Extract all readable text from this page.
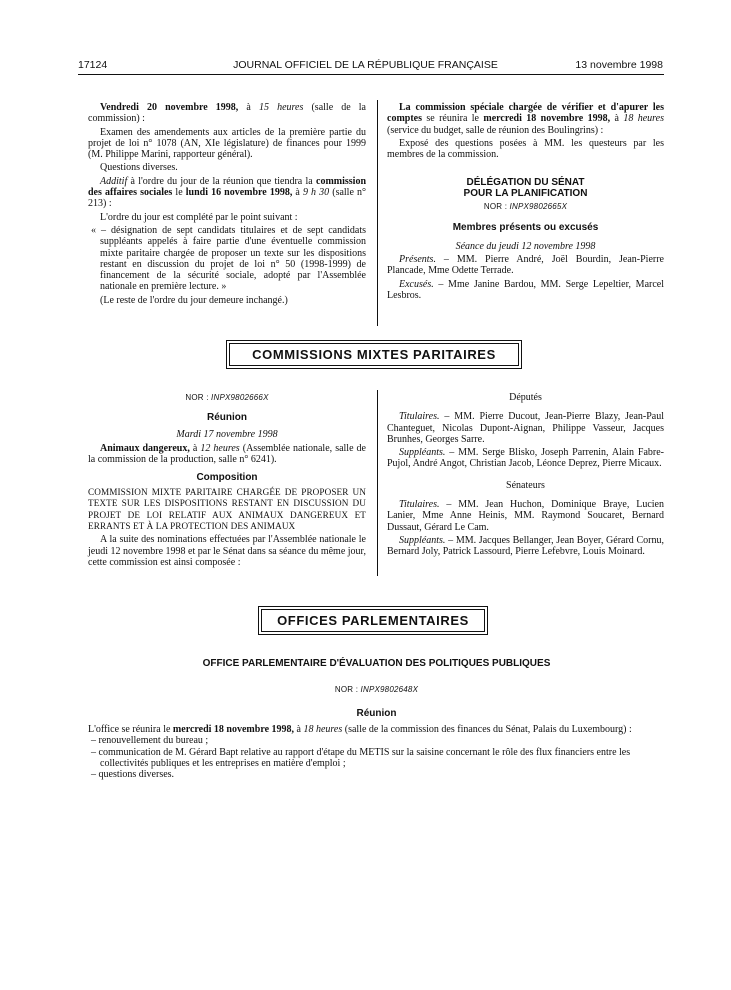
17124	JOURNAL OFFICIEL DE LA RÉPUBLIQUE FRANÇAISE	13 novembre 1998

Vendredi 20 novembre 1998, à 15 heures (salle de la commission) :

Examen des amendements aux articles de la première partie du projet de loi n° 1078 (AN, XIe législature) de finances pour 1999 (M. Philippe Marini, rapporteur général).

Questions diverses.

Additif à l'ordre du jour de la réunion que tiendra la commission des affaires sociales le lundi 16 novembre 1998, à 9 h 30 (salle n° 213) :

L'ordre du jour est complété par le point suivant :

« – désignation de sept candidats titulaires et de sept candidats suppléants appelés à faire partie d'une éventuelle commission mixte paritaire chargée de proposer un texte sur les dispositions restant en discussion du projet de loi n° 50 (1998-1999) de financement de la sécurité sociale, adopté par l'Assemblée nationale en première lecture. »

(Le reste de l'ordre du jour demeure inchangé.)

La commission spéciale chargée de vérifier et d'apurer les comptes se réunira le mercredi 18 novembre 1998, à 18 heures (service du budget, salle de réunion des Boulingrins) :

Exposé des questions posées à MM. les questeurs par les membres de la commission.

DÉLÉGATION DU SÉNAT
POUR LA PLANIFICATION
NOR : INPX9802665X
Membres présents ou excusés

Séance du jeudi 12 novembre 1998

Présents. – MM. Pierre André, Joël Bourdin, Jean-Pierre Plancade, Mme Odette Terrade.

Excusés. – Mme Janine Bardou, MM. Serge Lepeltier, Marcel Lesbros.

COMMISSIONS MIXTES PARITAIRES
NOR : INPX9802666X
Réunion

Mardi 17 novembre 1998

Animaux dangereux, à 12 heures (Assemblée nationale, salle de la commission de la production, salle n° 6241).

Composition

COMMISSION MIXTE PARITAIRE CHARGÉE DE PROPOSER UN TEXTE SUR LES DISPOSITIONS RESTANT EN DISCUSSION DU PROJET DE LOI RELATIF AUX ANIMAUX DANGEREUX ET ERRANTS ET À LA PROTECTION DES ANIMAUX

A la suite des nominations effectuées par l'Assemblée nationale le jeudi 12 novembre 1998 et par le Sénat dans sa séance du même jour, cette commission est ainsi composée :

Députés

Titulaires. – MM. Pierre Ducout, Jean-Pierre Blazy, Jean-Paul Chanteguet, Nicolas Dupont-Aignan, Philippe Vasseur, Jacques Brunhes, Georges Sarre.

Suppléants. – MM. Serge Blisko, Joseph Parrenin, Alain Fabre-Pujol, André Angot, Christian Jacob, Léonce Deprez, Pierre Micaux.

Sénateurs

Titulaires. – MM. Jean Huchon, Dominique Braye, Lucien Lanier, Mme Anne Heinis, MM. Raymond Soucaret, Bernard Dussaut, Gérard Le Cam.

Suppléants. – MM. Jacques Bellanger, Jean Boyer, Gérard Cornu, Bernard Joly, Patrick Lassourd, Pierre Lefebvre, Louis Moinard.

OFFICES PARLEMENTAIRES
OFFICE PARLEMENTAIRE D'ÉVALUATION DES POLITIQUES PUBLIQUES
NOR : INPX9802648X
Réunion

L'office se réunira le mercredi 18 novembre 1998, à 18 heures (salle de la commission des finances du Sénat, Palais du Luxembourg) :

– renouvellement du bureau ;

– communication de M. Gérard Bapt relative au rapport d'étape du METIS sur la saisine concernant le rôle des flux financiers entre les collectivités publiques et les entreprises en matière d'emploi ;

– questions diverses.
